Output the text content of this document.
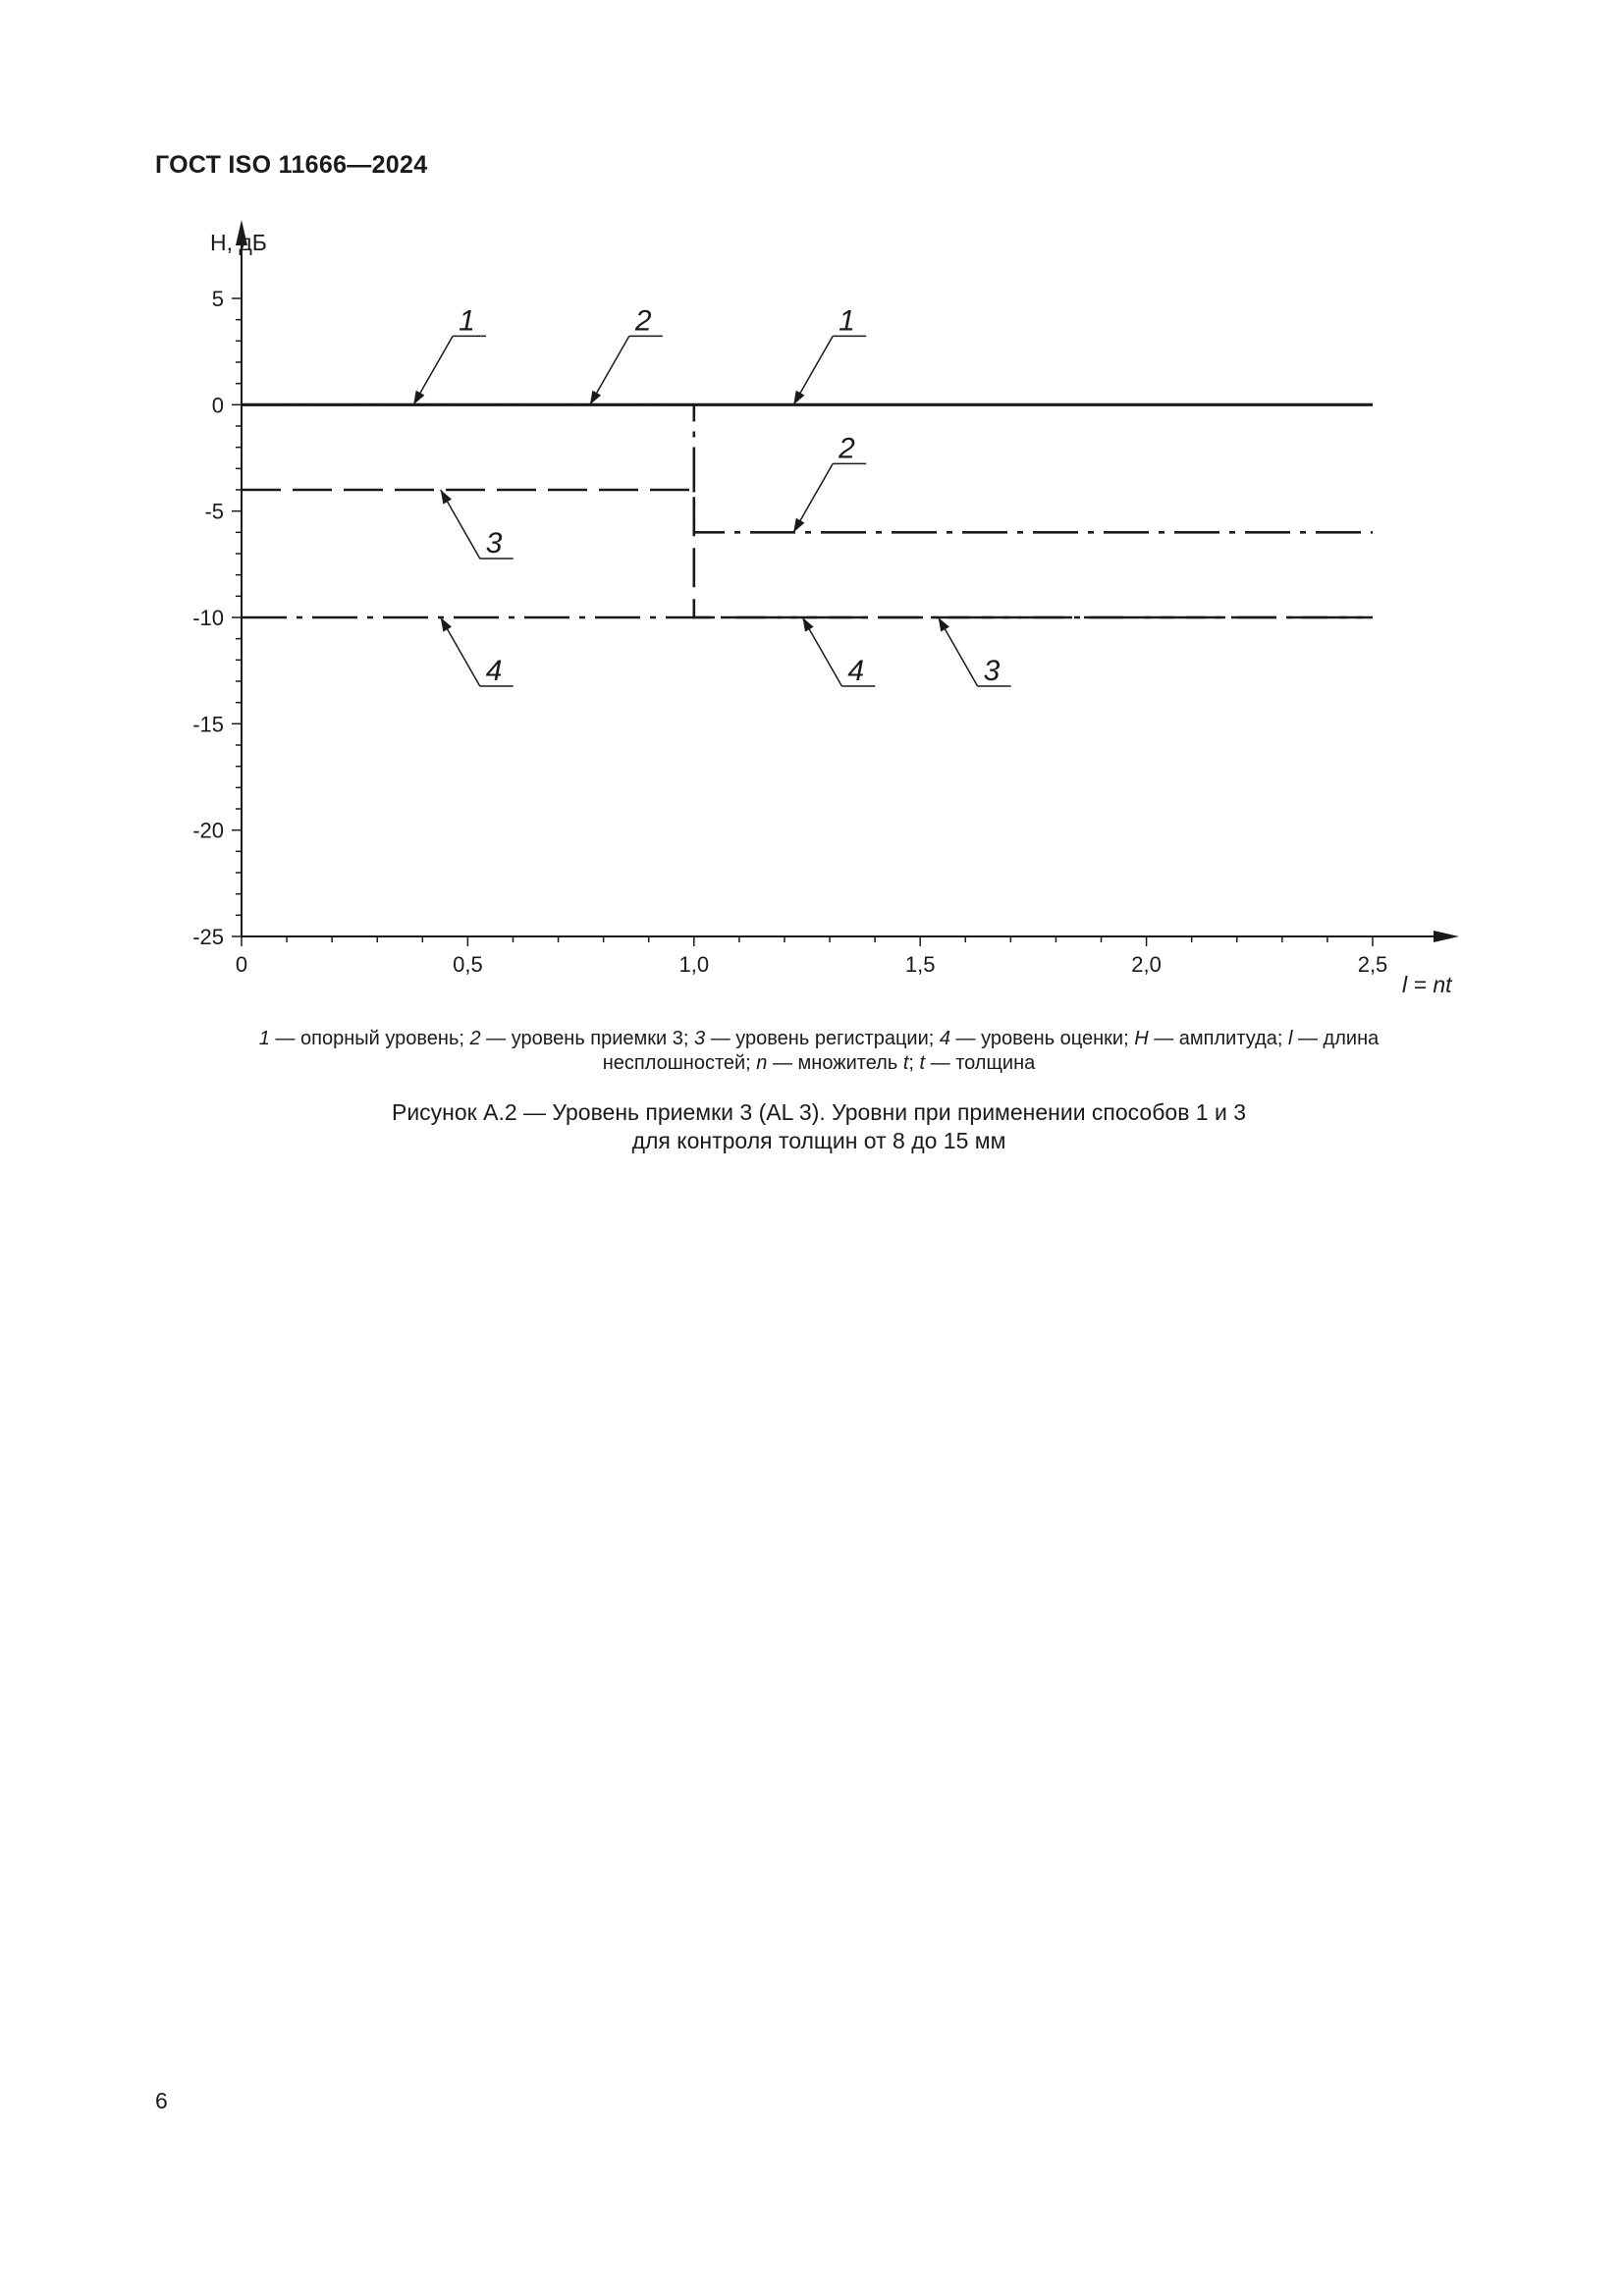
ГОСТ ISO 11666—2024
5
0
-5
-10
-15
-20
-25
0	0,5	1,0	1,5	2,0	2,5
H, дБ
l = nt
1	2	1
2
3
4	4	3
1 — опорный уровень; 2 — уровень приемки 3; 3 — уровень регистрации; 4 — уровень оценки; H — амплитуда; l — длина
несплошностей; n — множитель t; t — толщина
Рисунок А.2 — Уровень приемки 3 (AL 3). Уровни при применении способов 1 и 3
для контроля толщин от 8 до 15 мм
6
